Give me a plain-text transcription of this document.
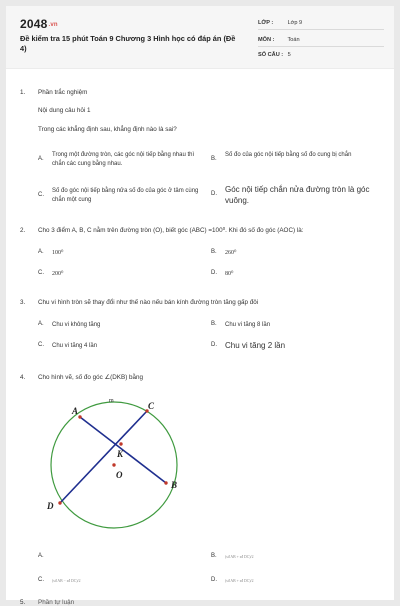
2048.vn
Đề kiểm tra 15 phút Toán 9 Chương 3 Hình học có đáp án (Đề 4)
LỚP :	Lớp 9
MÔN : Toán
SỐ CÂU : 5
1. Phần trắc nghiệm
Nội dung câu hỏi 1
Trong các khẳng định sau, khẳng định nào là sai?
A.
Trong một đường tròn, các góc nội tiếp bằng nhau thì chắn các cung bằng nhau.
B.
Số đo của góc nội tiếp bằng số đo cung bị chắn
C.
Số đo góc nội tiếp bằng nửa số đo của góc ở tâm cùng chắn một cung
D. Góc nội tiếp chắn nửa đường tròn là góc vuông.
2. Cho 3 điểm A, B, C nằm trên đường tròn (O), biết góc (ABC) =100⁰. Khi đó số đo góc (AOC) là:
A. 100⁰	B. 260⁰
C. 200⁰	D. 80⁰
3. Chu vi hình tròn sẽ thay đổi như thế nào nếu bán kính đường tròn tăng gấp đôi
A. Chu vi không tăng	B. Chu vi tăng 8 lần
C. Chu vi tăng 4 lần	D. Chu vi tăng 2 lần
4. Cho hình vẽ, số đo góc ∠(DKB) bằng
A
m	C
K
O
B
D
A.	B. (sđ AB + sđ DC)/2
C. (sđ AB − sđ DC)/2	D. (sđ AB + sđ DC)/2
5. Phần tự luận
